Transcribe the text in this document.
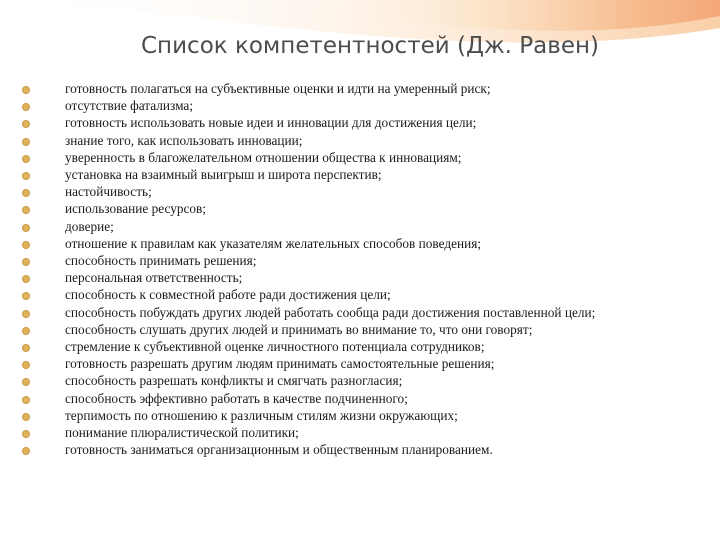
Список компетентностей (Дж. Равен)
готовность полагаться на субъективные оценки и идти на умеренный риск;
отсутствие фатализма;
готовность использовать новые идеи и инновации для достижения цели;
знание того, как использовать инновации;
уверенность в благожелательном отношении общества к инновациям;
установка на взаимный выигрыш и широта перспектив;
настойчивость;
использование ресурсов;
доверие;
отношение к правилам как указателям желательных способов поведения;
способность принимать решения;
персональная ответственность;
способность к совместной работе ради достижения цели;
способность побуждать других людей работать сообща ради достижения поставленной цели;
способность слушать других людей и принимать во внимание то, что они говорят;
стремление к субъективной оценке личностного потенциала сотрудников;
готовность разрешать другим людям принимать самостоятельные решения;
способность разрешать конфликты и смягчать разногласия;
способность эффективно работать в качестве подчиненного;
терпимость по отношению к различным стилям жизни окружающих;
понимание плюралистической политики;
готовность заниматься организационным и общественным планированием.
